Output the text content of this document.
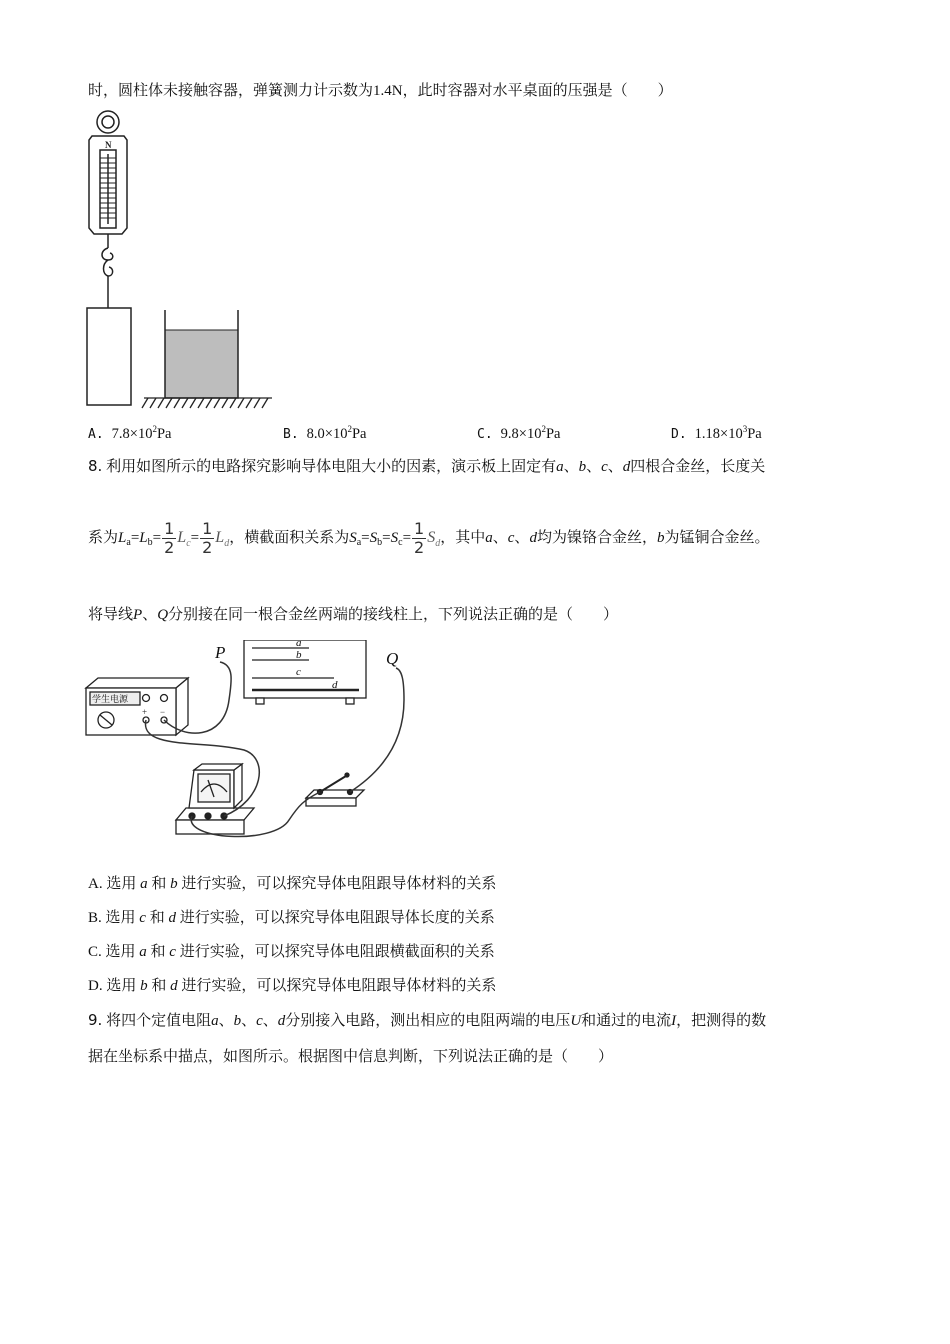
时，圆柱体未接触容器，弹簧测力计示数为1.4N，此时容器对水平桌面的压强是（　　）
N
A. $7.8\times 10^2Pa$	B. $8.0\times 10^2Pa$	C. $9.8\times 10^2Pa$	D. $1.18\times 10^3Pa$
8. 利用如图所示的电路探究影响导体电阻大小的因素，演示板上固定有a、b、c、d四根合金丝，长度关
系为$L_a=L_b= \frac{1}{2} L_c= \frac{1}{2} L_d$，横截面积关系为$S_a=S_b=S_c= \frac{1}{2} S_d$，其中a、c、d均为镍铬合金丝，b为锰铜合金丝。
将导线P、Q分别接在同一根合金丝两端的接线柱上，下列说法正确的是（　　）
学生电源
+ −
a
b
c
d
P	Q
A. 选用 a 和 b 进行实验，可以探究导体电阻跟导体材料的关系
B. 选用 c 和 d 进行实验，可以探究导体电阻跟导体长度的关系
C. 选用 a 和 c 进行实验，可以探究导体电阻跟横截面积的关系
D. 选用 b 和 d 进行实验，可以探究导体电阻跟导体材料的关系
9. 将四个定值电阻a、b、c、d分别接入电路，测出相应的电阻两端的电压U和通过的电流I，把测得的数
据在坐标系中描点，如图所示。根据图中信息判断，下列说法正确的是（　　）
